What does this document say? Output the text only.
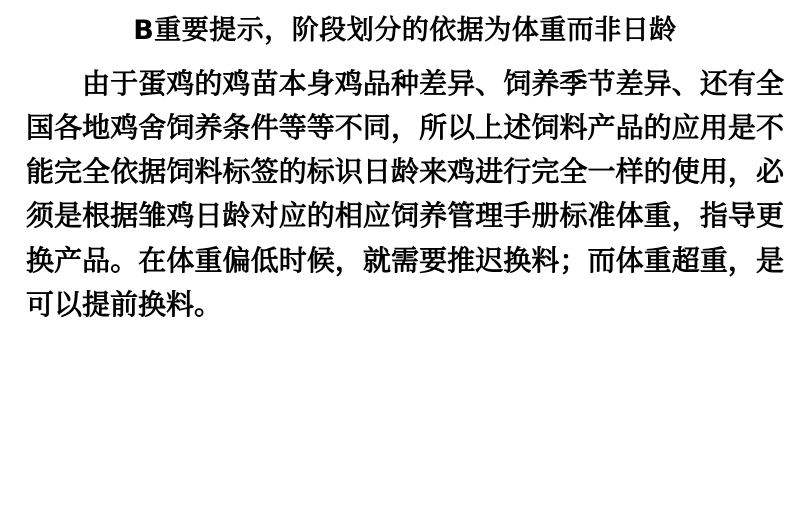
B重要提示，阶段划分的依据为体重而非日龄

由于蛋鸡的鸡苗本身鸡品种差异、饲养季节差异、还有全国各地鸡舍饲养条件等等不同，所以上述饲料产品的应用是不能完全依据饲料标签的标识日龄来鸡进行完全一样的使用，必须是根据雏鸡日龄对应的相应饲养管理手册标准体重，指导更换产品。在体重偏低时候，就需要推迟换料；而体重超重，是可以提前换料。
